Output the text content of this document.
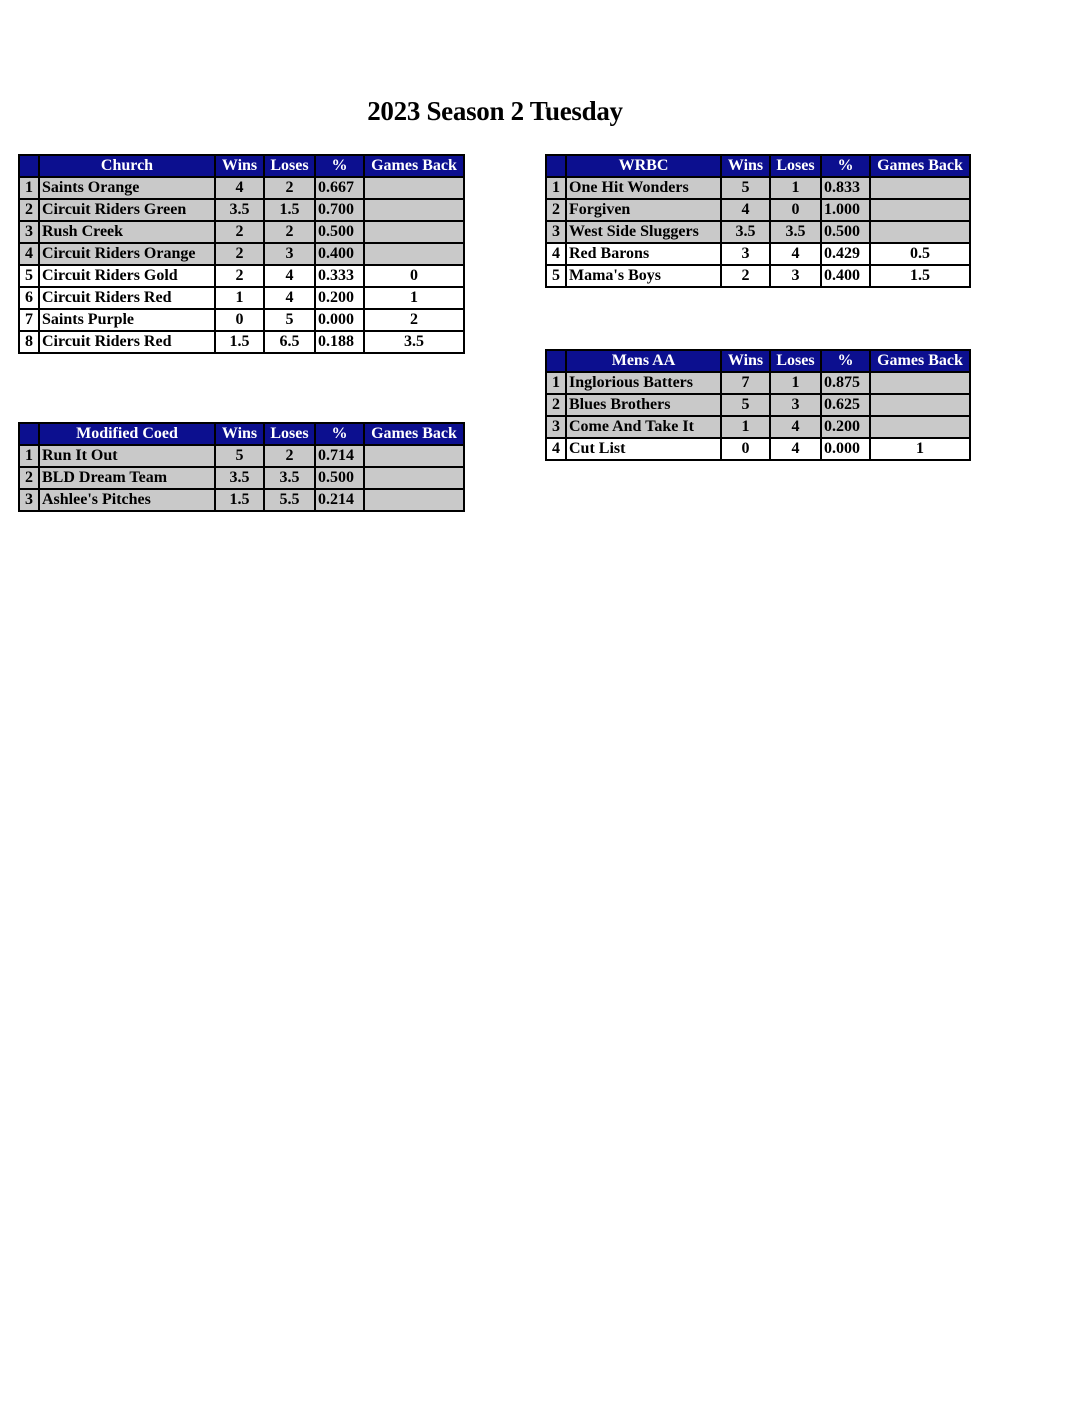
2023 Season 2 Tuesday
	Church	Wins	Loses	%	Games Back
1	Saints Orange	4	2	0.667	
2	Circuit Riders Green	3.5	1.5	0.700	
3	Rush Creek	2	2	0.500	
4	Circuit Riders Orange	2	3	0.400	
5	Circuit Riders Gold	2	4	0.333	0
6	Circuit Riders Red	1	4	0.200	1
7	Saints Purple	0	5	0.000	2
8	Circuit Riders Red	1.5	6.5	0.188	3.5
	Modified Coed	Wins	Loses	%	Games Back
1	Run It Out	5	2	0.714	
2	BLD Dream Team	3.5	3.5	0.500	
3	Ashlee's Pitches	1.5	5.5	0.214	
	WRBC	Wins	Loses	%	Games Back
1	One Hit Wonders	5	1	0.833	
2	Forgiven	4	0	1.000	
3	West Side Sluggers	3.5	3.5	0.500	
4	Red Barons	3	4	0.429	0.5
5	Mama's Boys	2	3	0.400	1.5
	Mens AA	Wins	Loses	%	Games Back
1	Inglorious Batters	7	1	0.875	
2	Blues Brothers	5	3	0.625	
3	Come And Take It	1	4	0.200	
4	Cut List	0	4	0.000	1
